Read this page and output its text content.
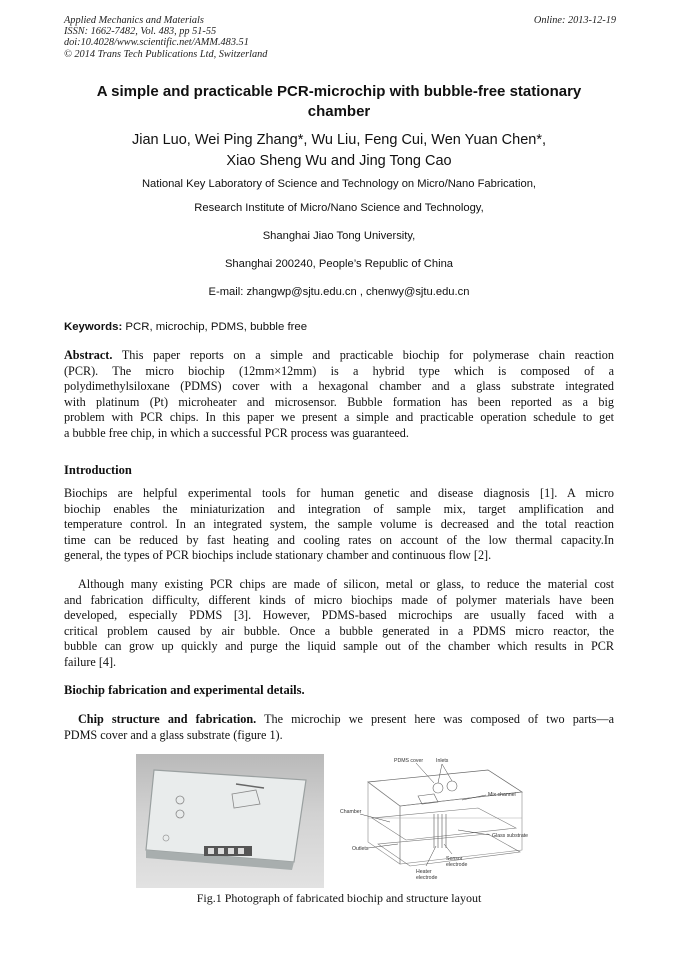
Applied Mechanics and Materials
ISSN: 1662-7482, Vol. 483, pp 51-55
doi:10.4028/www.scientific.net/AMM.483.51
© 2014 Trans Tech Publications Ltd, Switzerland
Online: 2013-12-19
A simple and practicable PCR-microchip with bubble-free stationary
chamber
Jian Luo, Wei Ping Zhang*, Wu Liu, Feng Cui, Wen Yuan Chen*,
Xiao Sheng Wu and Jing Tong Cao
National Key Laboratory of Science and Technology on Micro/Nano Fabrication,
Research Institute of Micro/Nano Science and Technology,
Shanghai Jiao Tong University,
Shanghai 200240, People’s Republic of China
E-mail: zhangwp@sjtu.edu.cn , chenwy@sjtu.edu.cn
Keywords: PCR, microchip, PDMS, bubble free
Abstract. This paper reports on a simple and practicable biochip for polymerase chain reaction
(PCR). The micro biochip (12mm×12mm) is a hybrid type which is composed of a
polydimethylsiloxane (PDMS) cover with a hexagonal chamber and a glass substrate integrated
with platinum (Pt) microheater and microsensor. Bubble formation has been reported as a big
problem with PCR chips. In this paper we present a simple and practicable operation schedule to get
a bubble free chip, in which a successful PCR process was guaranteed.
Introduction
Biochips are helpful experimental tools for human genetic and disease diagnosis [1]. A micro
biochip enables the miniaturization and integration of sample mix, target amplification and
temperature control. In an integrated system, the sample volume is decreased and the total reaction
time can be reduced by fast heating and cooling rates on account of the low thermal capacity.In
general, the types of PCR biochips include stationary chamber and continuous flow [2].
Although many existing PCR chips are made of silicon, metal or glass, to reduce the material cost
and fabrication difficulty, different kinds of micro biochips made of polymer materials have been
developed, especially PDMS [3]. However, PDMS-based microchips are usually faced with a
critical problem caused by air bubble. Once a bubble generated in a PDMS micro reactor, the
bubble can grow up quickly and purge the liquid sample out of the chamber which results in PCR
failure [4].
Biochip fabrication and experimental details.
Chip structure and fabrication. The microchip we present here was composed of two parts—a
PDMS cover and a glass substrate (figure 1).
PDMS cover Inlets
Mix channel
Chamber
Outlets
Glass substrate
Sensor
electrode
Heater
electrode
Fig.1 Photograph of fabricated biochip and structure layout
